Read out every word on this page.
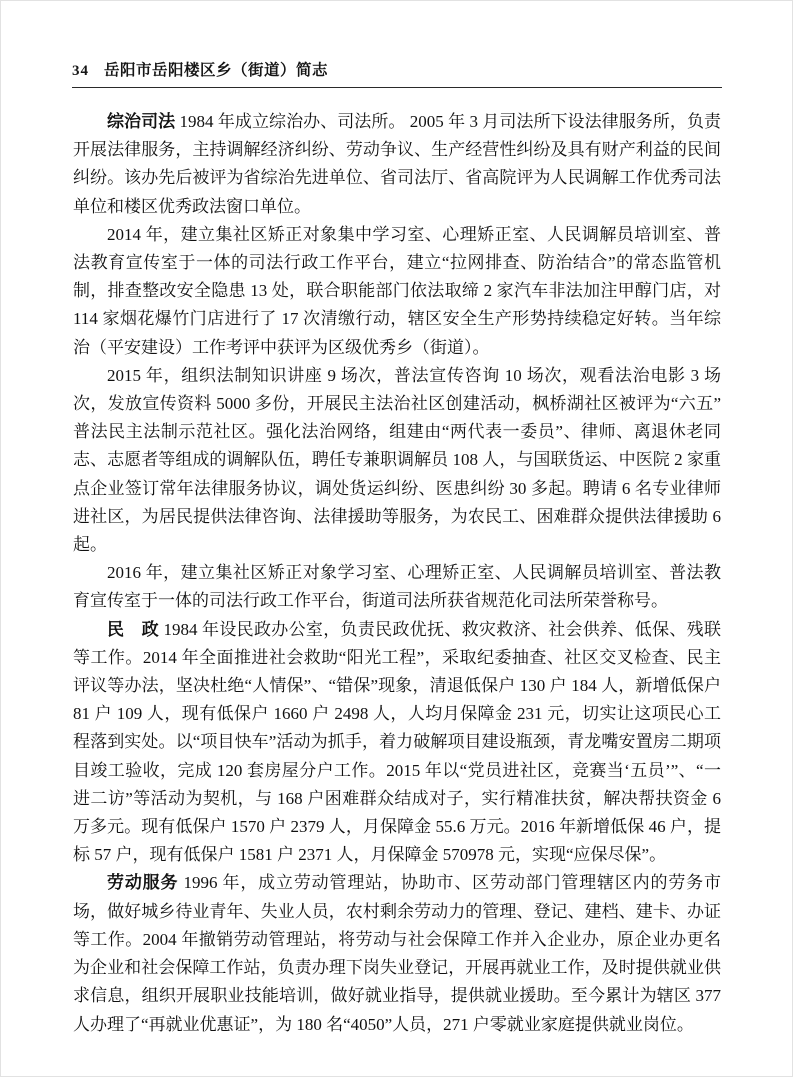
34 岳阳市岳阳楼区乡（街道）简志

综治司法 1984 年成立综治办、司法所。 2005 年 3 月司法所下设法律服务所，负责开展法律服务，主持调解经济纠纷、劳动争议、生产经营性纠纷及具有财产利益的民间纠纷。该办先后被评为省综治先进单位、省司法厅、省高院评为人民调解工作优秀司法单位和楼区优秀政法窗口单位。

2014 年，建立集社区矫正对象集中学习室、心理矫正室、人民调解员培训室、普法教育宣传室于一体的司法行政工作平台，建立“拉网排查、防治结合”的常态监管机制，排查整改安全隐患 13 处，联合职能部门依法取缔 2 家汽车非法加注甲醇门店，对 114 家烟花爆竹门店进行了 17 次清缴行动，辖区安全生产形势持续稳定好转。当年综治（平安建设）工作考评中获评为区级优秀乡（街道）。

2015 年，组织法制知识讲座 9 场次，普法宣传咨询 10 场次，观看法治电影 3 场次，发放宣传资料 5000 多份，开展民主法治社区创建活动，枫桥湖社区被评为“六五”普法民主法制示范社区。强化法治网络，组建由“两代表一委员”、律师、离退休老同志、志愿者等组成的调解队伍，聘任专兼职调解员 108 人，与国联货运、中医院 2 家重点企业签订常年法律服务协议，调处货运纠纷、医患纠纷 30 多起。聘请 6 名专业律师进社区，为居民提供法律咨询、法律援助等服务，为农民工、困难群众提供法律援助 6 起。

2016 年，建立集社区矫正对象学习室、心理矫正室、人民调解员培训室、普法教育宣传室于一体的司法行政工作平台，街道司法所获省规范化司法所荣誉称号。

民　政 1984 年设民政办公室，负责民政优抚、救灾救济、社会供养、低保、残联等工作。2014 年全面推进社会救助“阳光工程”，采取纪委抽查、社区交叉检查、民主评议等办法，坚决杜绝“人情保”、“错保”现象，清退低保户 130 户 184 人，新增低保户 81 户 109 人，现有低保户 1660 户 2498 人，人均月保障金 231 元，切实让这项民心工程落到实处。以“项目快车”活动为抓手，着力破解项目建设瓶颈，青龙嘴安置房二期项目竣工验收，完成 120 套房屋分户工作。2015 年以“党员进社区，竞赛当‘五员’”、“一进二访”等活动为契机，与 168 户困难群众结成对子，实行精准扶贫，解决帮扶资金 6 万多元。现有低保户 1570 户 2379 人，月保障金 55.6 万元。2016 年新增低保 46 户，提标 57 户，现有低保户 1581 户 2371 人，月保障金 570978 元，实现“应保尽保”。

劳动服务 1996 年，成立劳动管理站，协助市、区劳动部门管理辖区内的劳务市场，做好城乡待业青年、失业人员，农村剩余劳动力的管理、登记、建档、建卡、办证等工作。2004 年撤销劳动管理站，将劳动与社会保障工作并入企业办，原企业办更名为企业和社会保障工作站，负责办理下岗失业登记，开展再就业工作，及时提供就业供求信息，组织开展职业技能培训，做好就业指导，提供就业援助。至今累计为辖区 377 人办理了“再就业优惠证”，为 180 名“4050”人员，271 户零就业家庭提供就业岗位。
